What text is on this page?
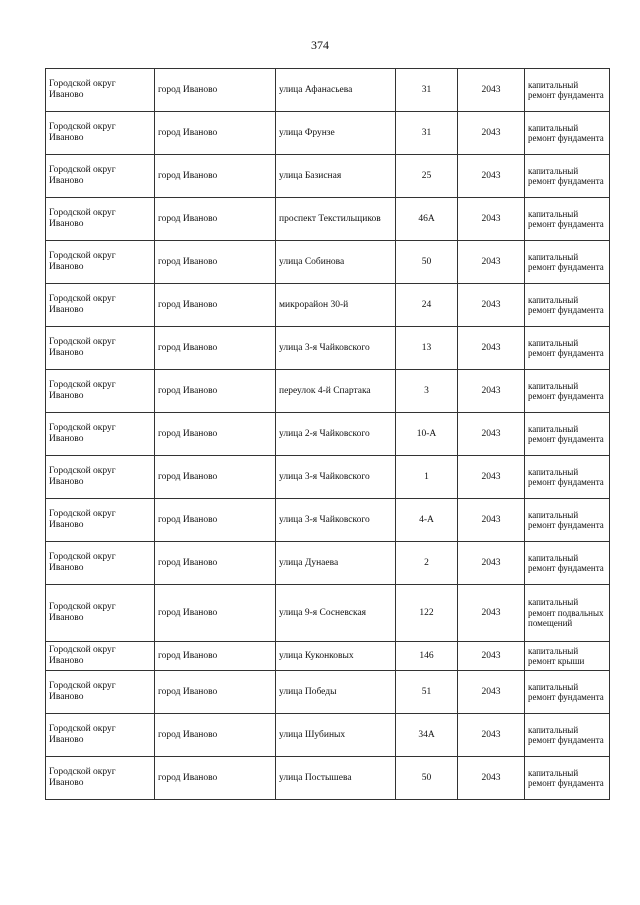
374
Городской округ Иваново	город Иваново	улица Афанасьева	31	2043	капитальный ремонт фундамента
Городской округ Иваново	город Иваново	улица Фрунзе	31	2043	капитальный ремонт фундамента
Городской округ Иваново	город Иваново	улица Базисная	25	2043	капитальный ремонт фундамента
Городской округ Иваново	город Иваново	проспект Текстильщиков	46А	2043	капитальный ремонт фундамента
Городской округ Иваново	город Иваново	улица Собинова	50	2043	капитальный ремонт фундамента
Городской округ Иваново	город Иваново	микрорайон 30-й	24	2043	капитальный ремонт фундамента
Городской округ Иваново	город Иваново	улица 3-я Чайковского	13	2043	капитальный ремонт фундамента
Городской округ Иваново	город Иваново	переулок 4-й Спартака	3	2043	капитальный ремонт фундамента
Городской округ Иваново	город Иваново	улица 2-я Чайковского	10-А	2043	капитальный ремонт фундамента
Городской округ Иваново	город Иваново	улица 3-я Чайковского	1	2043	капитальный ремонт фундамента
Городской округ Иваново	город Иваново	улица 3-я Чайковского	4-А	2043	капитальный ремонт фундамента
Городской округ Иваново	город Иваново	улица Дунаева	2	2043	капитальный ремонт фундамента
Городской округ Иваново	город Иваново	улица 9-я Сосневская	122	2043	капитальный ремонт подвальных помещений
Городской округ Иваново	город Иваново	улица Куконковых	146	2043	капитальный ремонт крыши
Городской округ Иваново	город Иваново	улица Победы	51	2043	капитальный ремонт фундамента
Городской округ Иваново	город Иваново	улица Шубиных	34А	2043	капитальный ремонт фундамента
Городской округ Иваново	город Иваново	улица Постышева	50	2043	капитальный ремонт фундамента
